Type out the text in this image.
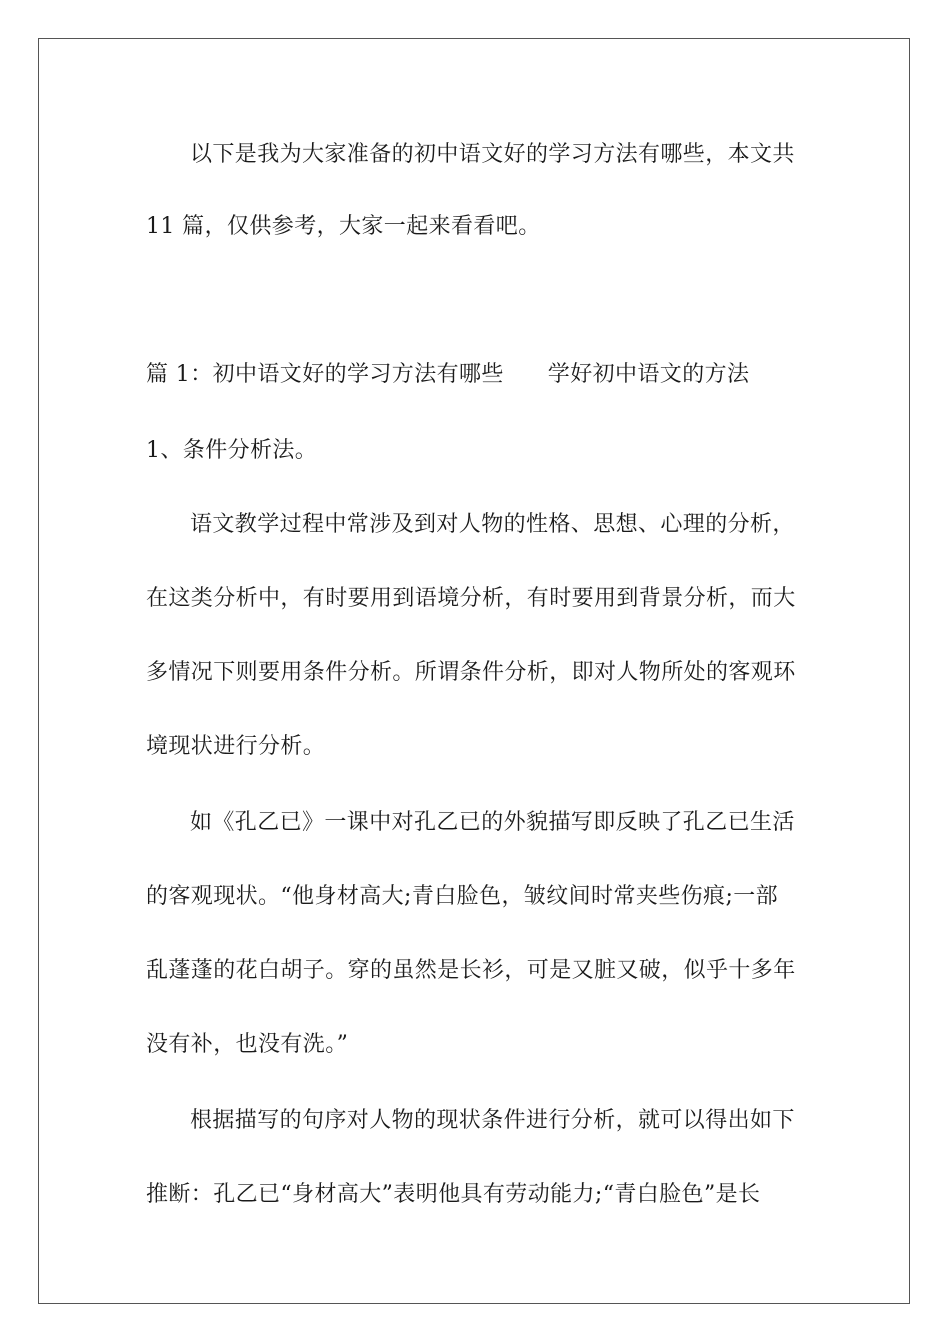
以下是我为大家准备的初中语文好的学习方法有哪些，本文共
11 篇，仅供参考，大家一起来看看吧。
篇 1：初中语文好的学习方法有哪些 学好初中语文的方法
1、条件分析法。
语文教学过程中常涉及到对人物的性格、思想、心理的分析，
在这类分析中，有时要用到语境分析，有时要用到背景分析，而大
多情况下则要用条件分析。所谓条件分析，即对人物所处的客观环
境现状进行分析。
如《孔乙已》一课中对孔乙已的外貌描写即反映了孔乙已生活
的客观现状。“他身材高大;青白脸色，皱纹间时常夹些伤痕;一部
乱蓬蓬的花白胡子。穿的虽然是长衫，可是又脏又破，似乎十多年
没有补，也没有洗。”
根据描写的句序对人物的现状条件进行分析，就可以得出如下
推断：孔乙已“身材高大”表明他具有劳动能力;“青白脸色”是长
